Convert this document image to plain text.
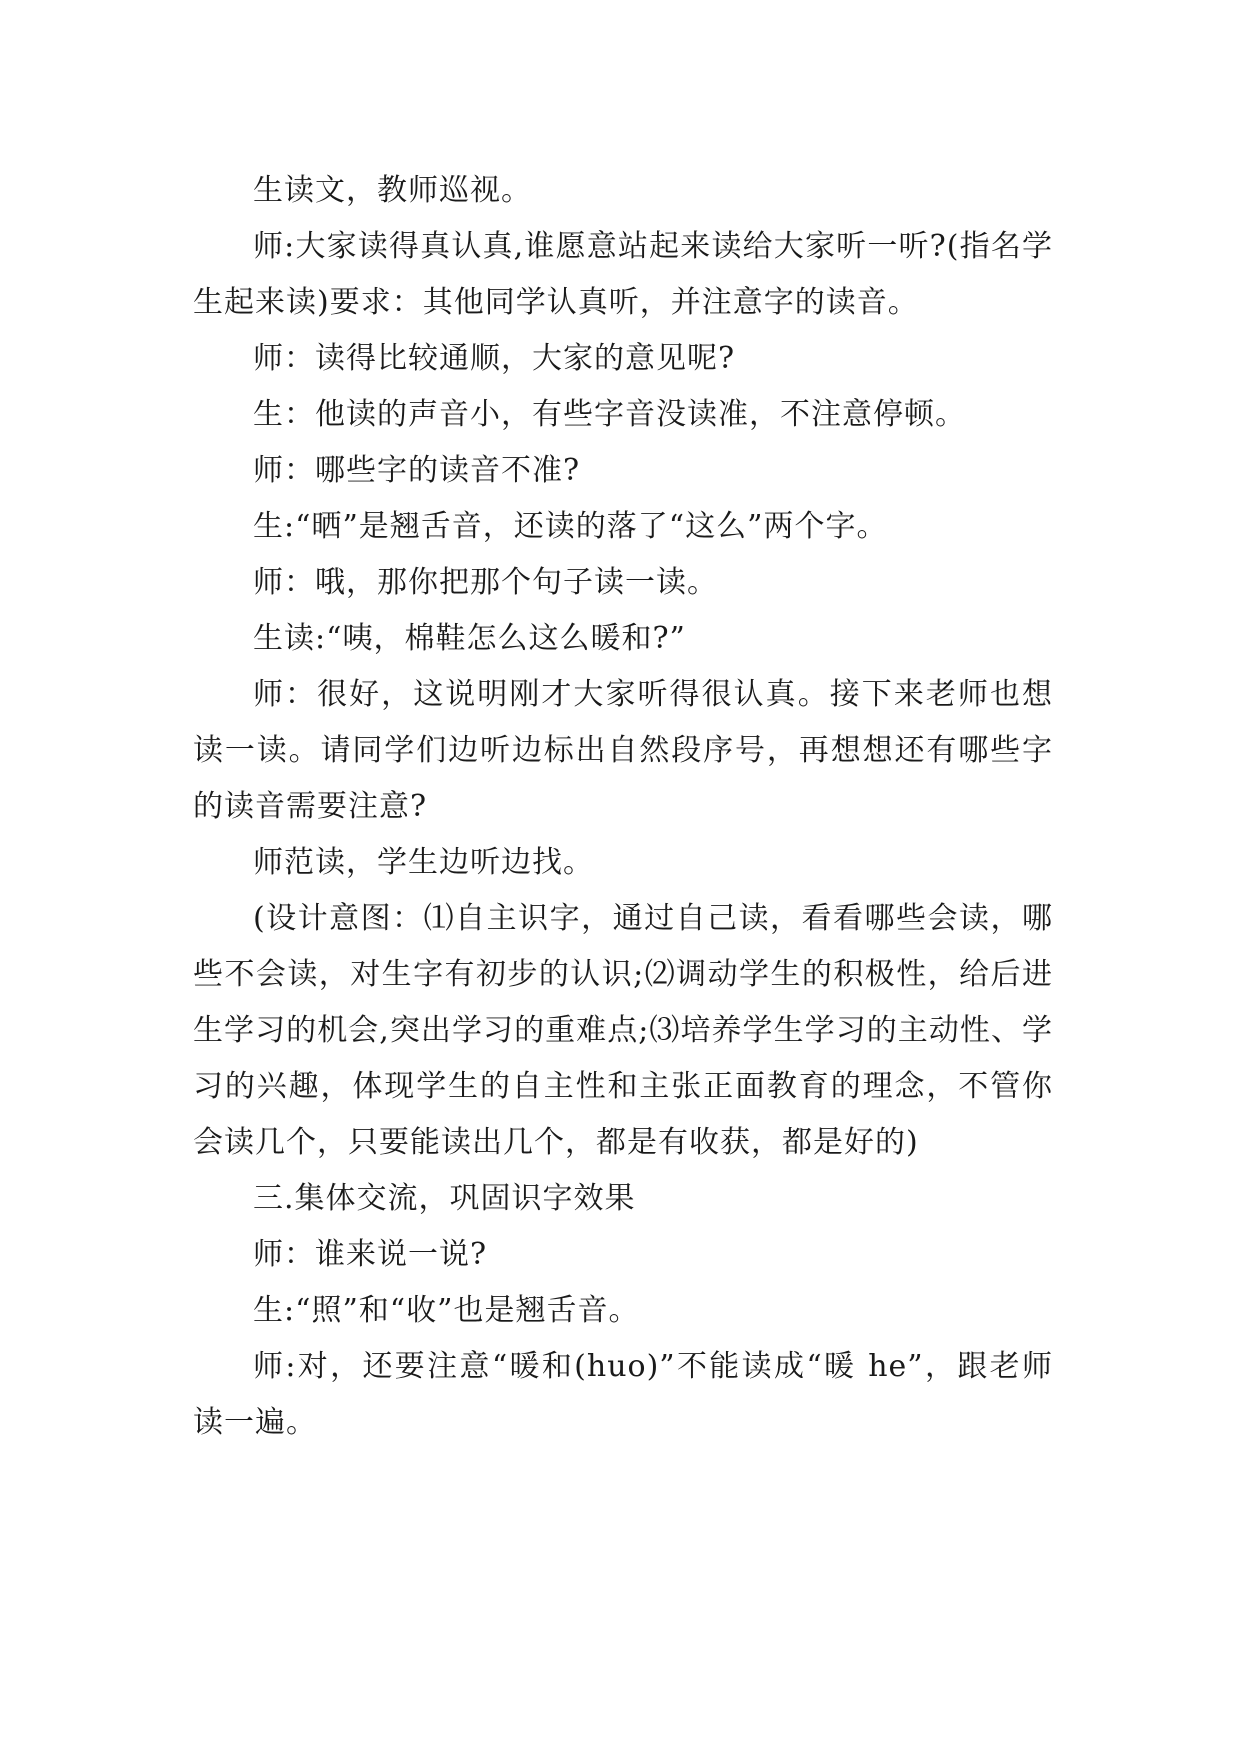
生读文，教师巡视。

师:大家读得真认真,谁愿意站起来读给大家听一听?(指名学生起来读)要求：其他同学认真听，并注意字的读音。

师：读得比较通顺，大家的意见呢?

生：他读的声音小，有些字音没读准，不注意停顿。

师：哪些字的读音不准?

生:“晒”是翘舌音，还读的落了“这么”两个字。

师：哦，那你把那个句子读一读。

生读:“咦，棉鞋怎么这么暖和?”

师：很好，这说明刚才大家听得很认真。接下来老师也想读一读。请同学们边听边标出自然段序号，再想想还有哪些字的读音需要注意?

师范读，学生边听边找。

(设计意图：⑴自主识字，通过自己读，看看哪些会读，哪些不会读，对生字有初步的认识;⑵调动学生的积极性，给后进生学习的机会,突出学习的重难点;⑶培养学生学习的主动性、学习的兴趣，体现学生的自主性和主张正面教育的理念，不管你会读几个，只要能读出几个，都是有收获，都是好的)

三.集体交流，巩固识字效果

师：谁来说一说?

生:“照”和“收”也是翘舌音。

师:对，还要注意“暖和(huo)”不能读成“暖 he”，跟老师读一遍。
